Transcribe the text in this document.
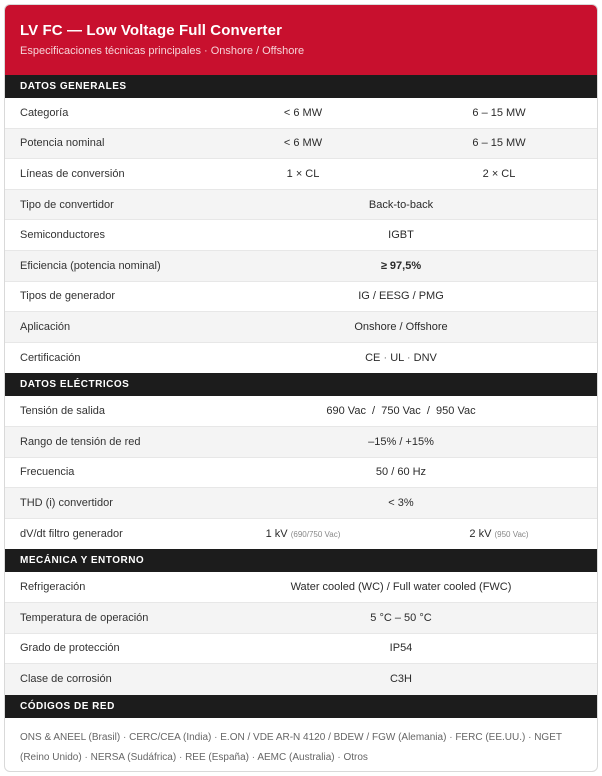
LV FC — Low Voltage Full Converter
Especificaciones técnicas principales · Onshore / Offshore
DATOS GENERALES
Categoría	< 6 MW	6 – 15 MW
Potencia nominal	< 6 MW	6 – 15 MW
Líneas de conversión	1 × CL	2 × CL
Tipo de convertidor	Back-to-back
Semiconductores	IGBT
Eficiencia (potencia nominal)	≥ 97,5%
Tipos de generador	IG / EESG / PMG
Aplicación	Onshore / Offshore
Certificación	CE · UL · DNV
DATOS ELÉCTRICOS
Tensión de salida	690 Vac  /  750 Vac  /  950 Vac
Rango de tensión de red	–15% / +15%
Frecuencia	50 / 60 Hz
THD (i) convertidor	< 3%
dV/dt filtro generador	1 kV (690/750 Vac)	2 kV (950 Vac)
MECÁNICA Y ENTORNO
Refrigeración	Water cooled (WC) / Full water cooled (FWC)
Temperatura de operación	5 °C – 50 °C
Grado de protección	IP54
Clase de corrosión	C3H
CÓDIGOS DE RED
ONS & ANEEL (Brasil) · CERC/CEA (India) · E.ON / VDE AR-N 4120 / BDEW / FGW (Alemania) · FERC (EE.UU.) · NGET (Reino Unido) · NERSA (Sudáfrica) · REE (España) · AEMC (Australia) · Otros
